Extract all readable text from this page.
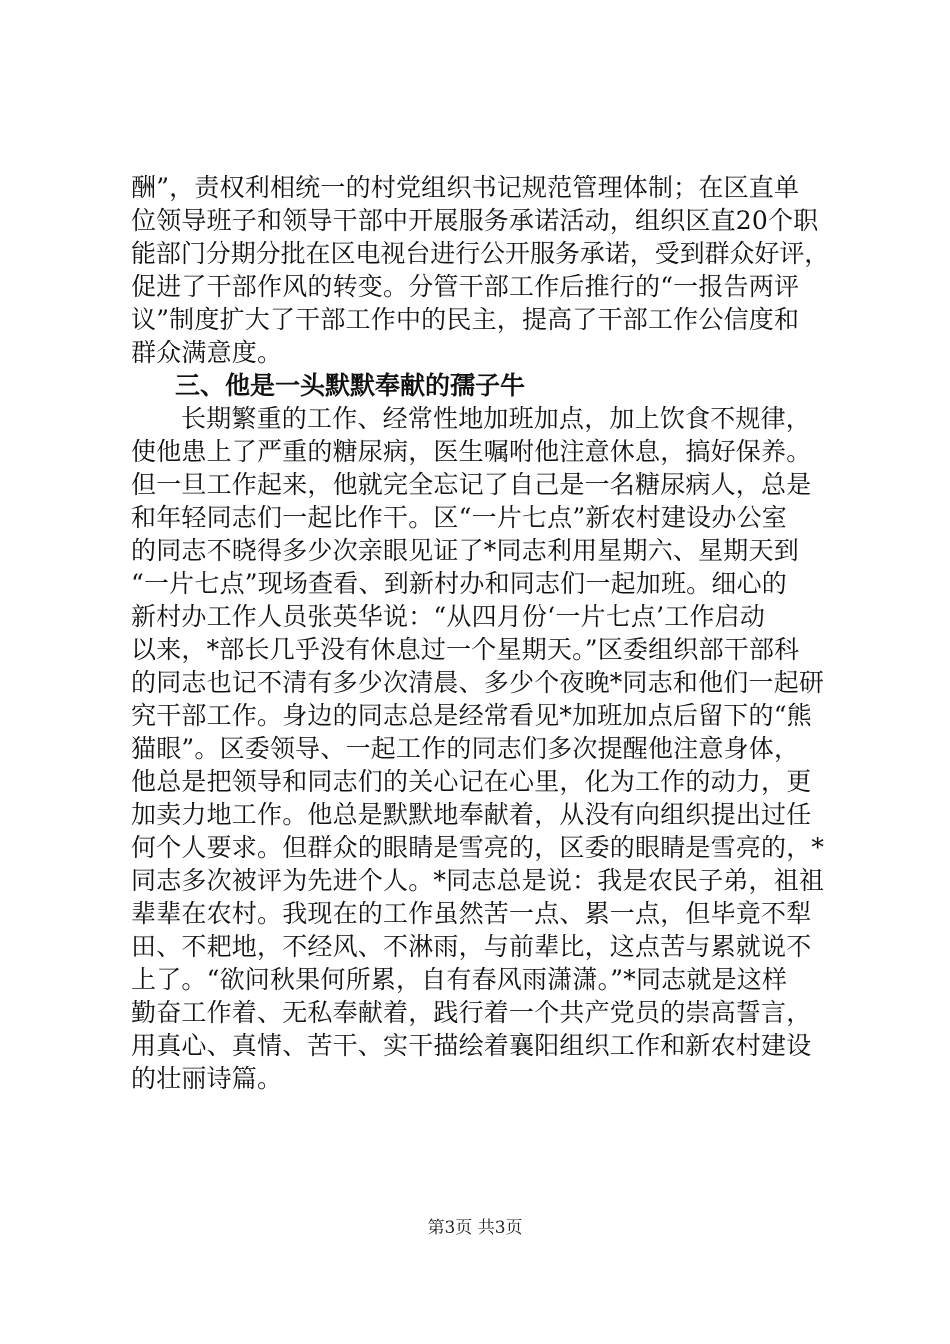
酬”，责权利相统一的村党组织书记规范管理体制；在区直单
位领导班子和领导干部中开展服务承诺活动，组织区直20个职
能部门分期分批在区电视台进行公开服务承诺，受到群众好评，
促进了干部作风的转变。分管干部工作后推行的“一报告两评
议”制度扩大了干部工作中的民主，提高了干部工作公信度和
群众满意度。
三、他是一头默默奉献的孺子牛
长期繁重的工作、经常性地加班加点，加上饮食不规律，
使他患上了严重的糖尿病，医生嘱咐他注意休息，搞好保养。
但一旦工作起来，他就完全忘记了自己是一名糖尿病人，总是
和年轻同志们一起比作干。区“一片七点”新农村建设办公室
的同志不晓得多少次亲眼见证了*同志利用星期六、星期天到
“一片七点”现场查看、到新村办和同志们一起加班。细心的
新村办工作人员张英华说：“从四月份‘一片七点’工作启动
以来，*部长几乎没有休息过一个星期天。”区委组织部干部科
的同志也记不清有多少次清晨、多少个夜晚*同志和他们一起研
究干部工作。身边的同志总是经常看见*加班加点后留下的“熊
猫眼”。区委领导、一起工作的同志们多次提醒他注意身体，
他总是把领导和同志们的关心记在心里，化为工作的动力，更
加卖力地工作。他总是默默地奉献着，从没有向组织提出过任
何个人要求。但群众的眼睛是雪亮的，区委的眼睛是雪亮的，*
同志多次被评为先进个人。*同志总是说：我是农民子弟，祖祖
辈辈在农村。我现在的工作虽然苦一点、累一点，但毕竟不犁
田、不耙地，不经风、不淋雨，与前辈比，这点苦与累就说不
上了。“欲问秋果何所累，自有春风雨潇潇。”*同志就是这样
勤奋工作着、无私奉献着，践行着一个共产党员的崇高誓言，
用真心、真情、苦干、实干描绘着襄阳组织工作和新农村建设
的壮丽诗篇。
第3页 共3页
